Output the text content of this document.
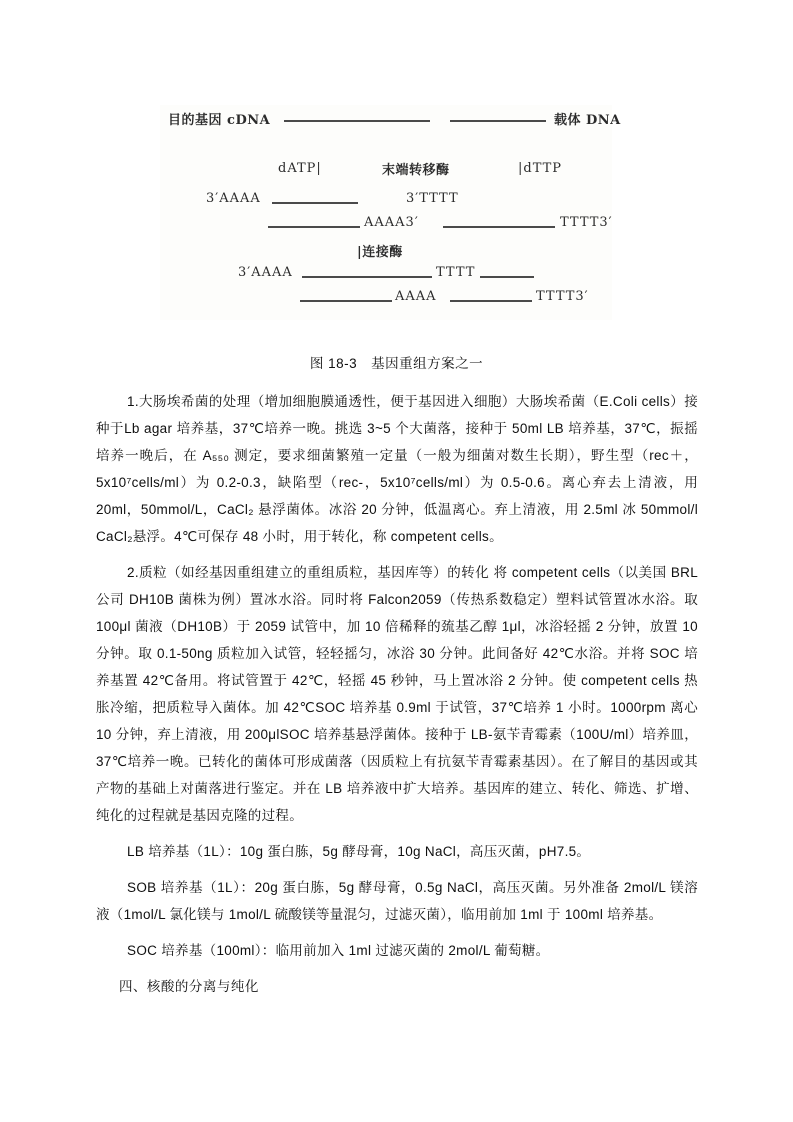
目的基因 cDNA	载体 DNA
dATP|	末端转移酶	|dTTP
3′AAAA	3′TTTT
AAAA3′	TTTT3′
|连接酶
3′AAAA	TTTT
AAAA	TTTT3′
图 18-3　基因重组方案之一

1.大肠埃希菌的处理（增加细胞膜通透性，便于基因进入细胞）大肠埃希菌（E.Coli cells）接种于Lb agar 培养基，37℃培养一晚。挑选 3~5 个大菌落，接种于 50ml LB 培养基，37℃，振摇培养一晚后，在 A₅₅₀ 测定，要求细菌繁殖一定量（一般为细菌对数生长期），野生型（rec＋，5x10⁷cells/ml）为 0.2-0.3，缺陷型（rec-，5x10⁷cells/ml）为 0.5-0.6。离心弃去上清液，用 20ml，50mmol/L，CaCl₂ 悬浮菌体。冰浴 20 分钟，低温离心。弃上清液，用 2.5ml 冰 50mmol/l CaCl₂悬浮。4℃可保存 48 小时，用于转化，称 competent cells。

2.质粒（如经基因重组建立的重组质粒，基因库等）的转化 将 competent cells（以美国 BRL 公司 DH10B 菌株为例）置冰水浴。同时将 Falcon2059（传热系数稳定）塑料试管置冰水浴。取 100μl 菌液（DH10B）于 2059 试管中，加 10 倍稀释的巯基乙醇 1μl，冰浴轻摇 2 分钟，放置 10 分钟。取 0.1-50ng 质粒加入试管，轻轻摇匀，冰浴 30 分钟。此间备好 42℃水浴。并将 SOC 培养基置 42℃备用。将试管置于 42℃，轻摇 45 秒钟，马上置冰浴 2 分钟。使 competent cells 热胀冷缩，把质粒导入菌体。加 42℃SOC 培养基 0.9ml 于试管，37℃培养 1 小时。1000rpm 离心 10 分钟，弃上清液，用 200μlSOC 培养基悬浮菌体。接种于 LB-氨苄青霉素（100U/ml）培养皿，37℃培养一晚。已转化的菌体可形成菌落（因质粒上有抗氨苄青霉素基因）。在了解目的基因或其产物的基础上对菌落进行鉴定。并在 LB 培养液中扩大培养。基因库的建立、转化、筛选、扩增、纯化的过程就是基因克隆的过程。

LB 培养基（1L）：10g 蛋白胨，5g 酵母膏，10g NaCl，高压灭菌，pH7.5。

SOB 培养基（1L）：20g 蛋白胨，5g 酵母膏，0.5g NaCl，高压灭菌。另外准备 2mol/L 镁溶液（1mol/L 氯化镁与 1mol/L 硫酸镁等量混匀，过滤灭菌），临用前加 1ml 于 100ml 培养基。

SOC 培养基（100ml）：临用前加入 1ml 过滤灭菌的 2mol/L 葡萄糖。

四、核酸的分离与纯化
